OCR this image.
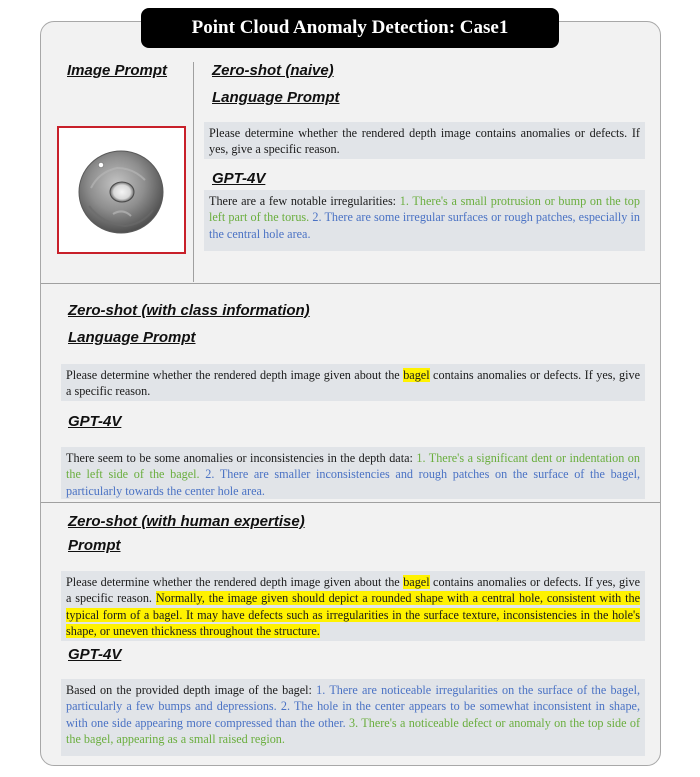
Point Cloud Anomaly Detection: Case1
Image Prompt	Zero-shot (naive)
Language Prompt
Please determine whether the rendered depth image contains anomalies or defects. If yes, give a specific reason.
GPT-4V
There are a few notable irregularities: 1. There's a small protrusion or bump on the top left part of the torus. 2. There are some irregular surfaces or rough patches, especially in the central hole area.
Zero-shot (with class information)
Language Prompt
Please determine whether the rendered depth image given about the bagel contains anomalies or defects. If yes, give a specific reason.
GPT-4V
There seem to be some anomalies or inconsistencies in the depth data: 1. There's a significant dent or indentation on the left side of the bagel. 2. There are smaller inconsistencies and rough patches on the surface of the bagel, particularly towards the center hole area.
Zero-shot (with human expertise)
Prompt
Please determine whether the rendered depth image given about the bagel contains anomalies or defects. If yes, give a specific reason. Normally, the image given should depict a rounded shape with a central hole, consistent with the typical form of a bagel. It may have defects such as irregularities in the surface texture, inconsistencies in the hole's shape, or uneven thickness throughout the structure.
GPT-4V
Based on the provided depth image of the bagel: 1. There are noticeable irregularities on the surface of the bagel, particularly a few bumps and depressions. 2. The hole in the center appears to be somewhat inconsistent in shape, with one side appearing more compressed than the other. 3. There's a noticeable defect or anomaly on the top side of the bagel, appearing as a small raised region.
